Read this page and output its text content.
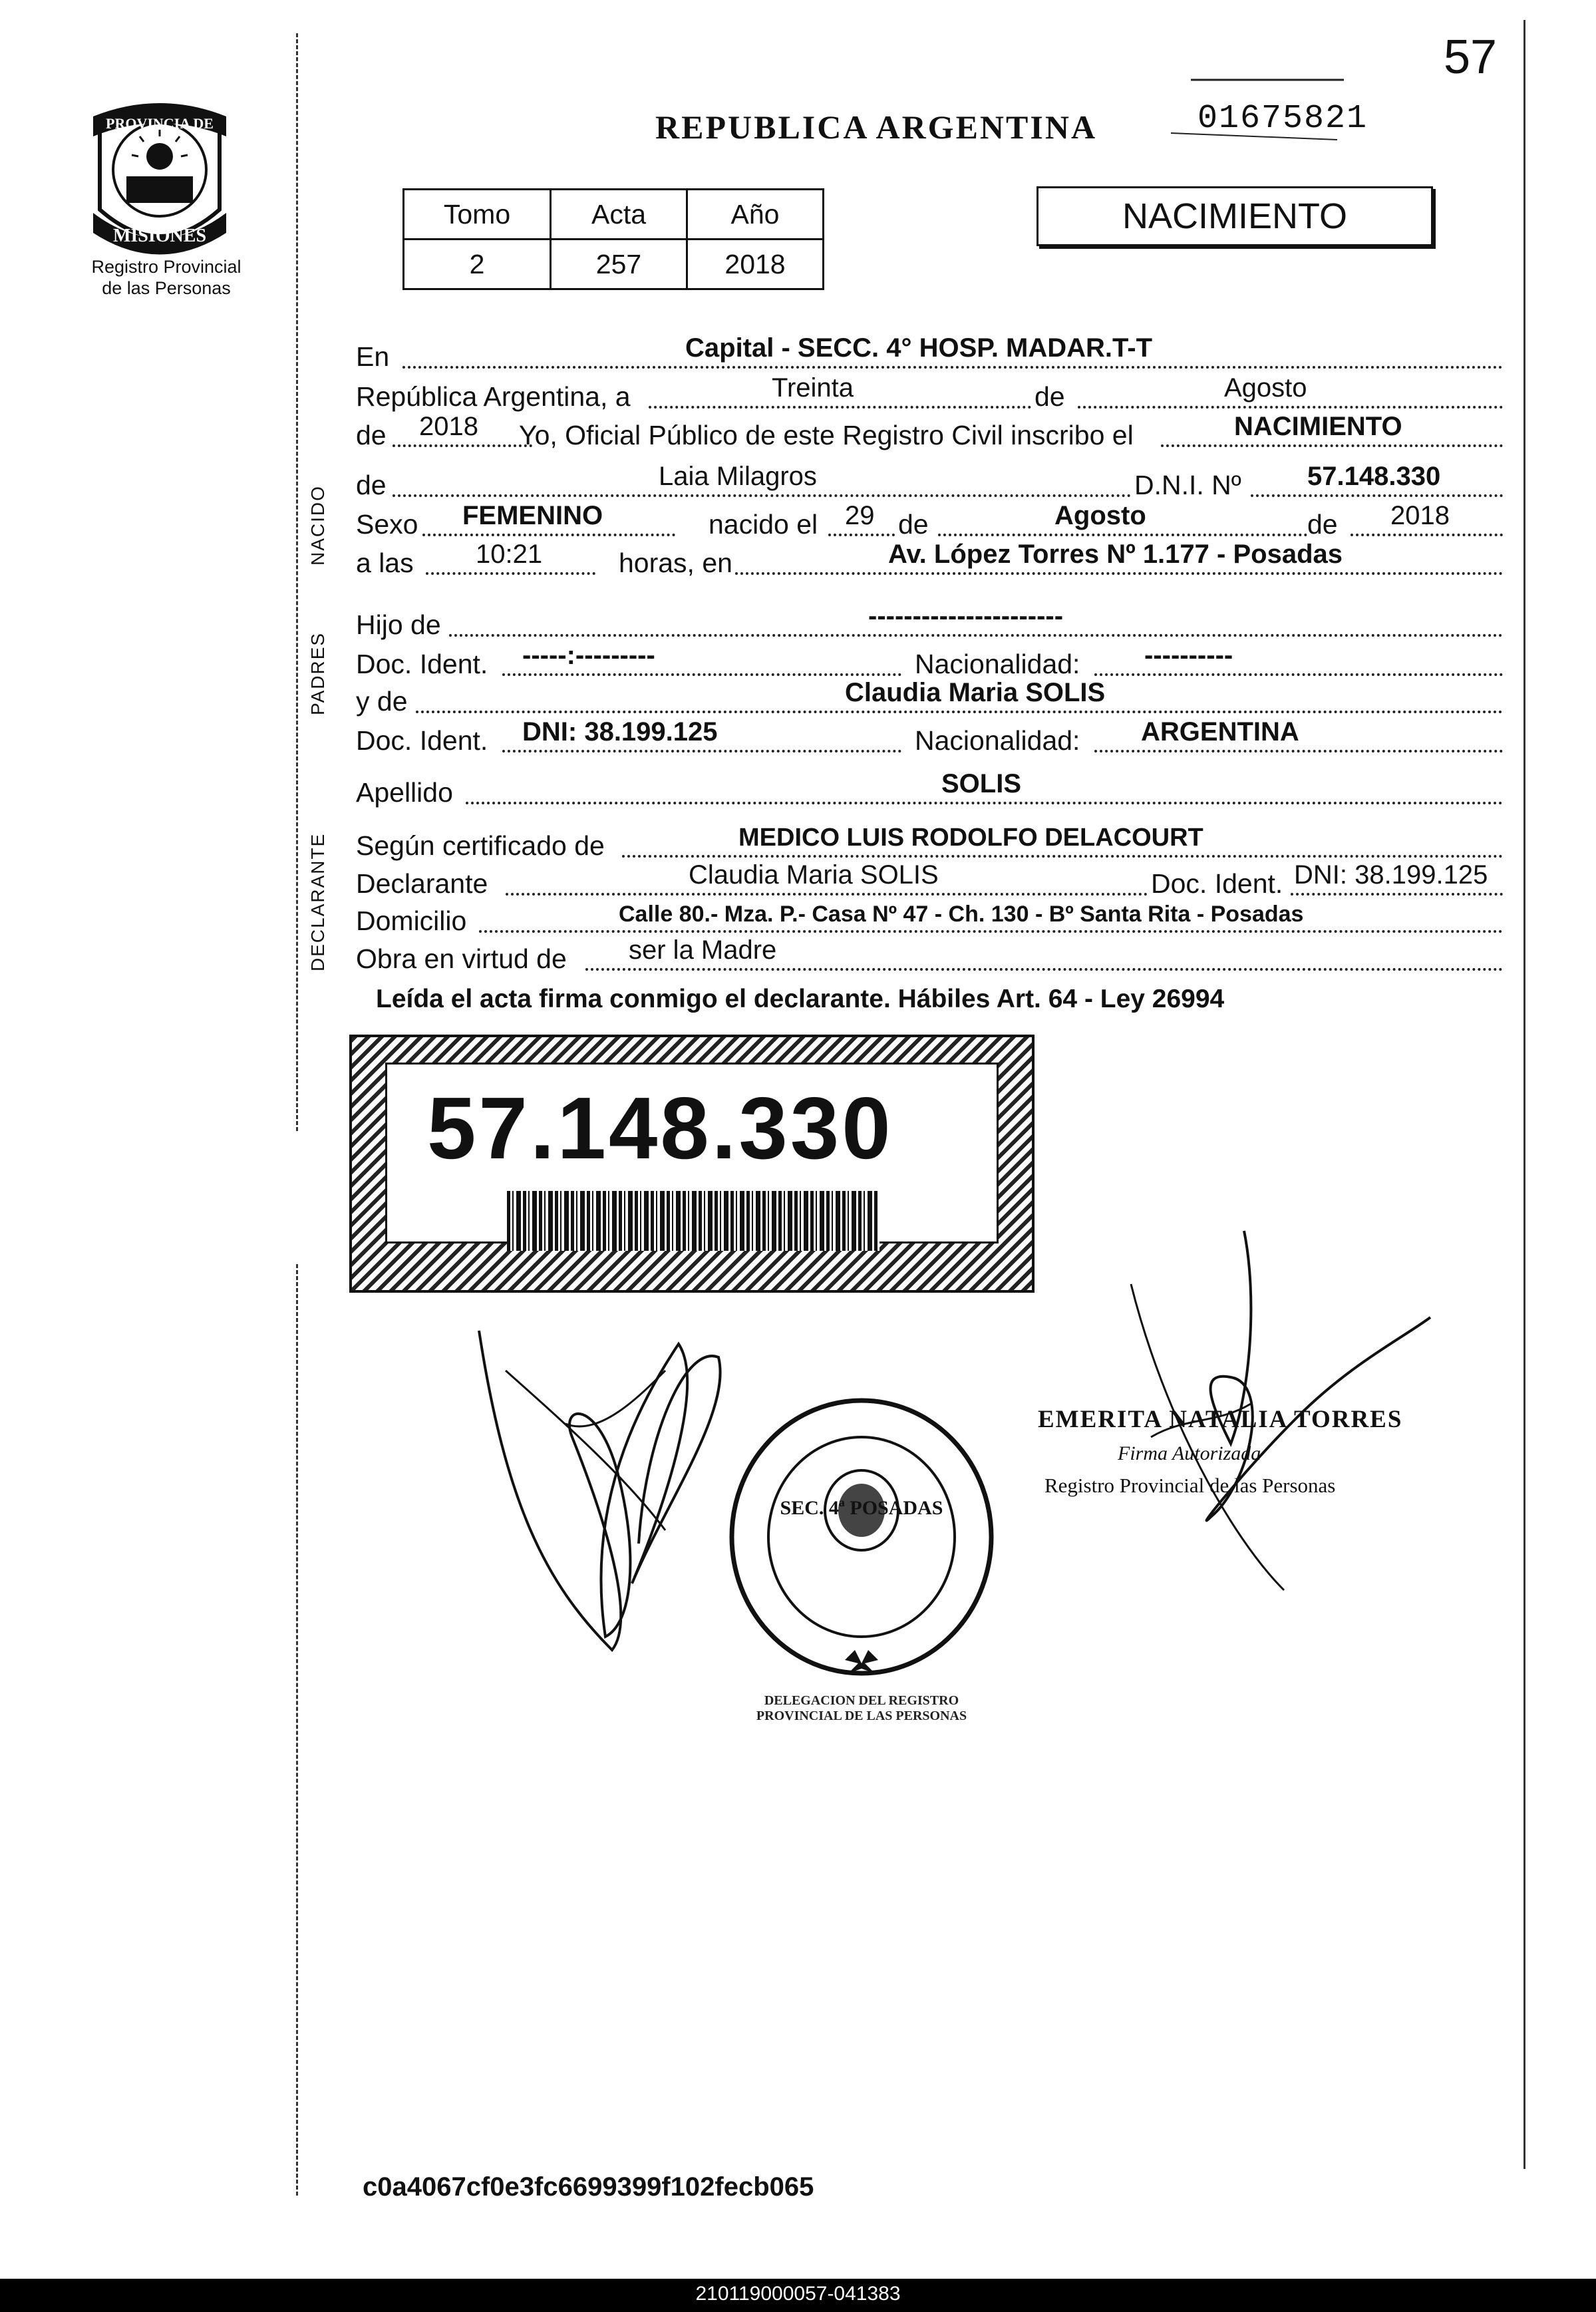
57
01675821
REPUBLICA ARGENTINA
PROVINCIA DE
MISIONES
Registro Provincial
de las Personas
Tomo	Acta	Año
2	257	2018
NACIMIENTO
En	Capital - SECC. 4° HOSP. MADAR.T-T
República Argentina, a	Treinta	de	Agosto
de 2018 Yo, Oficial Público de este Registro Civil inscribo el	NACIMIENTO
NACIDO
de	Laia Milagros	D.N.I. Nº 57.148.330
Sexo FEMENINO	nacido el 29 de	Agosto	de 2018
a las 10:21	horas, en	Av. López Torres Nº 1.177 - Posadas
PADRES
Hijo de	----------------------
Doc. Ident. -----:---------	Nacionalidad: ----------
y de	Claudia Maria SOLIS
Doc. Ident. DNI: 38.199.125	Nacionalidad: ARGENTINA
Apellido	SOLIS
DECLARANTE Según certificado de	MEDICO LUIS RODOLFO DELACOURT
Declarante	Claudia Maria SOLIS	Doc. Ident. DNI: 38.199.125
Domicilio	Calle 80.- Mza. P.- Casa Nº 47 - Ch. 130 - Bº Santa Rita - Posadas
Obra en virtud de ser la Madre
Leída el acta firma conmigo el declarante. Hábiles Art. 64 - Ley 26994
57.148.330
SEC. 4ª POSADAS
DELEGACION DEL REGISTRO PROVINCIAL DE LAS PERSONAS
EMERITA NATALIA TORRES
Firma Autorizada
Registro Provincial de las Personas
c0a4067cf0e3fc6699399f102fecb065
210119000057-041383
